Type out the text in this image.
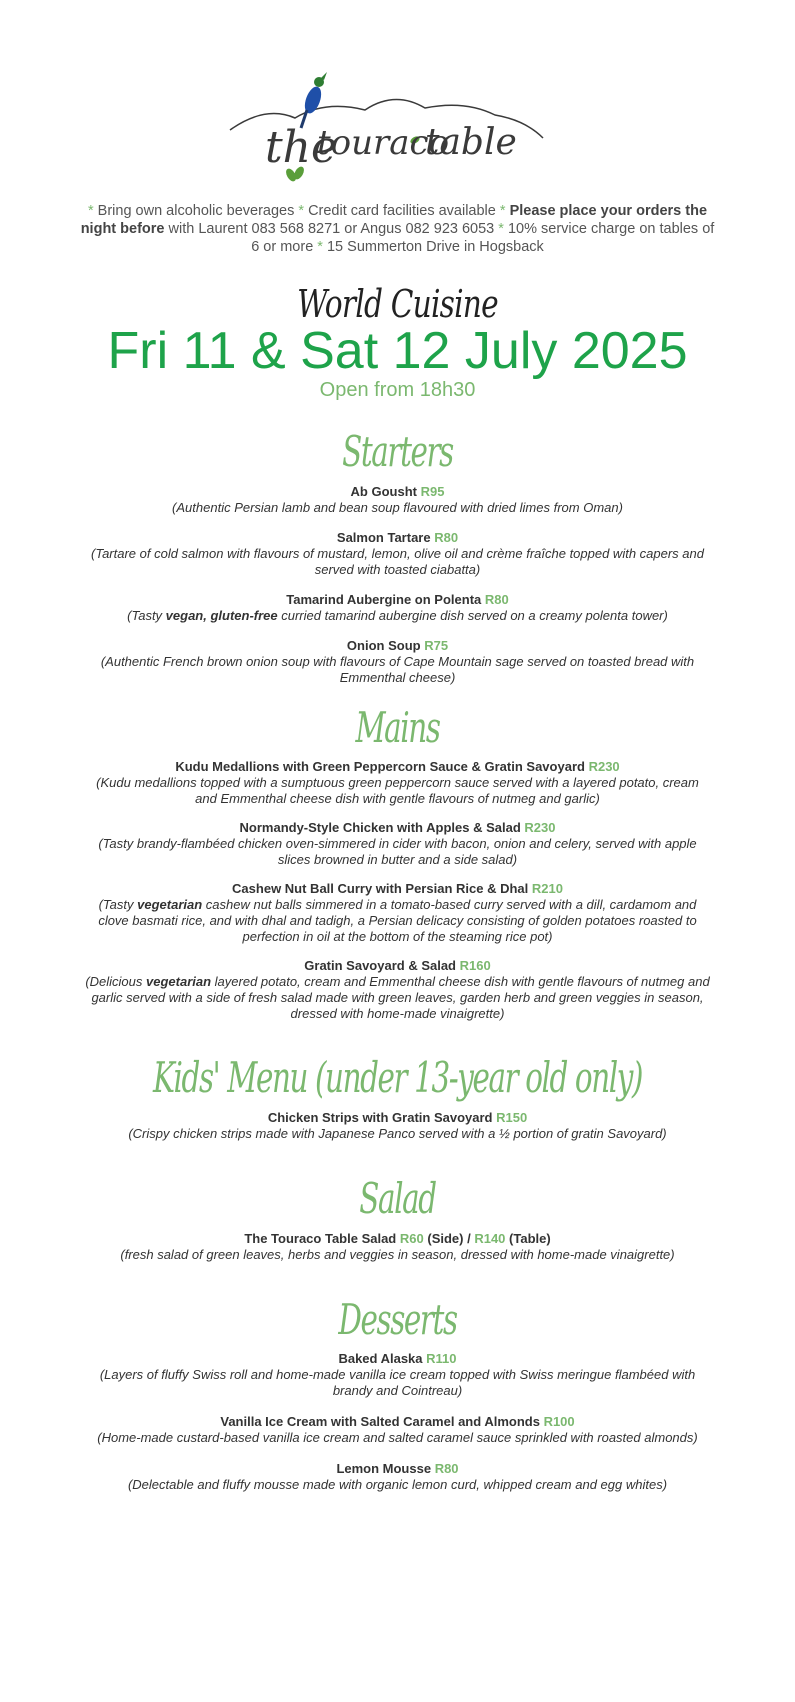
the
touraco
table
* Bring own alcoholic beverages * Credit card facilities available * Please place your orders the night before with Laurent 083 568 8271 or Angus 082 923 6053 * 10% service charge on tables of 6 or more * 15 Summerton Drive in Hogsback
World Cuisine
Fri 11 & Sat 12 July 2025
Open from 18h30
Starters
Ab Gousht R95
(Authentic Persian lamb and bean soup flavoured with dried limes from Oman)
Salmon Tartare R80
(Tartare of cold salmon with flavours of mustard, lemon, olive oil and crème fraîche topped with capers and served with toasted ciabatta)
Tamarind Aubergine on Polenta R80
(Tasty vegan, gluten-free curried tamarind aubergine dish served on a creamy polenta tower)
Onion Soup R75
(Authentic French brown onion soup with flavours of Cape Mountain sage served on toasted bread with Emmenthal cheese)
Mains
Kudu Medallions with Green Peppercorn Sauce & Gratin Savoyard R230
(Kudu medallions topped with a sumptuous green peppercorn sauce served with a layered potato, cream and Emmenthal cheese dish with gentle flavours of nutmeg and garlic)
Normandy-Style Chicken with Apples & Salad R230
(Tasty brandy-flambéed chicken oven-simmered in cider with bacon, onion and celery, served with apple slices browned in butter and a side salad)
Cashew Nut Ball Curry with Persian Rice & Dhal R210
(Tasty vegetarian cashew nut balls simmered in a tomato-based curry served with a dill, cardamom and clove basmati rice, and with dhal and tadigh, a Persian delicacy consisting of golden potatoes roasted to perfection in oil at the bottom of the steaming rice pot)
Gratin Savoyard & Salad R160
(Delicious vegetarian layered potato, cream and Emmenthal cheese dish with gentle flavours of nutmeg and garlic served with a side of fresh salad made with green leaves, garden herb and green veggies in season, dressed with home-made vinaigrette)
Kids' Menu (under 13-year old only)
Chicken Strips with Gratin Savoyard R150
(Crispy chicken strips made with Japanese Panco served with a ½ portion of gratin Savoyard)
Salad
The Touraco Table Salad R60 (Side) / R140 (Table)
(fresh salad of green leaves, herbs and veggies in season, dressed with home-made vinaigrette)
Desserts
Baked Alaska R110
(Layers of fluffy Swiss roll and home-made vanilla ice cream topped with Swiss meringue flambéed with brandy and Cointreau)
Vanilla Ice Cream with Salted Caramel and Almonds R100
(Home-made custard-based vanilla ice cream and salted caramel sauce sprinkled with roasted almonds)
Lemon Mousse R80
(Delectable and fluffy mousse made with organic lemon curd, whipped cream and egg whites)
